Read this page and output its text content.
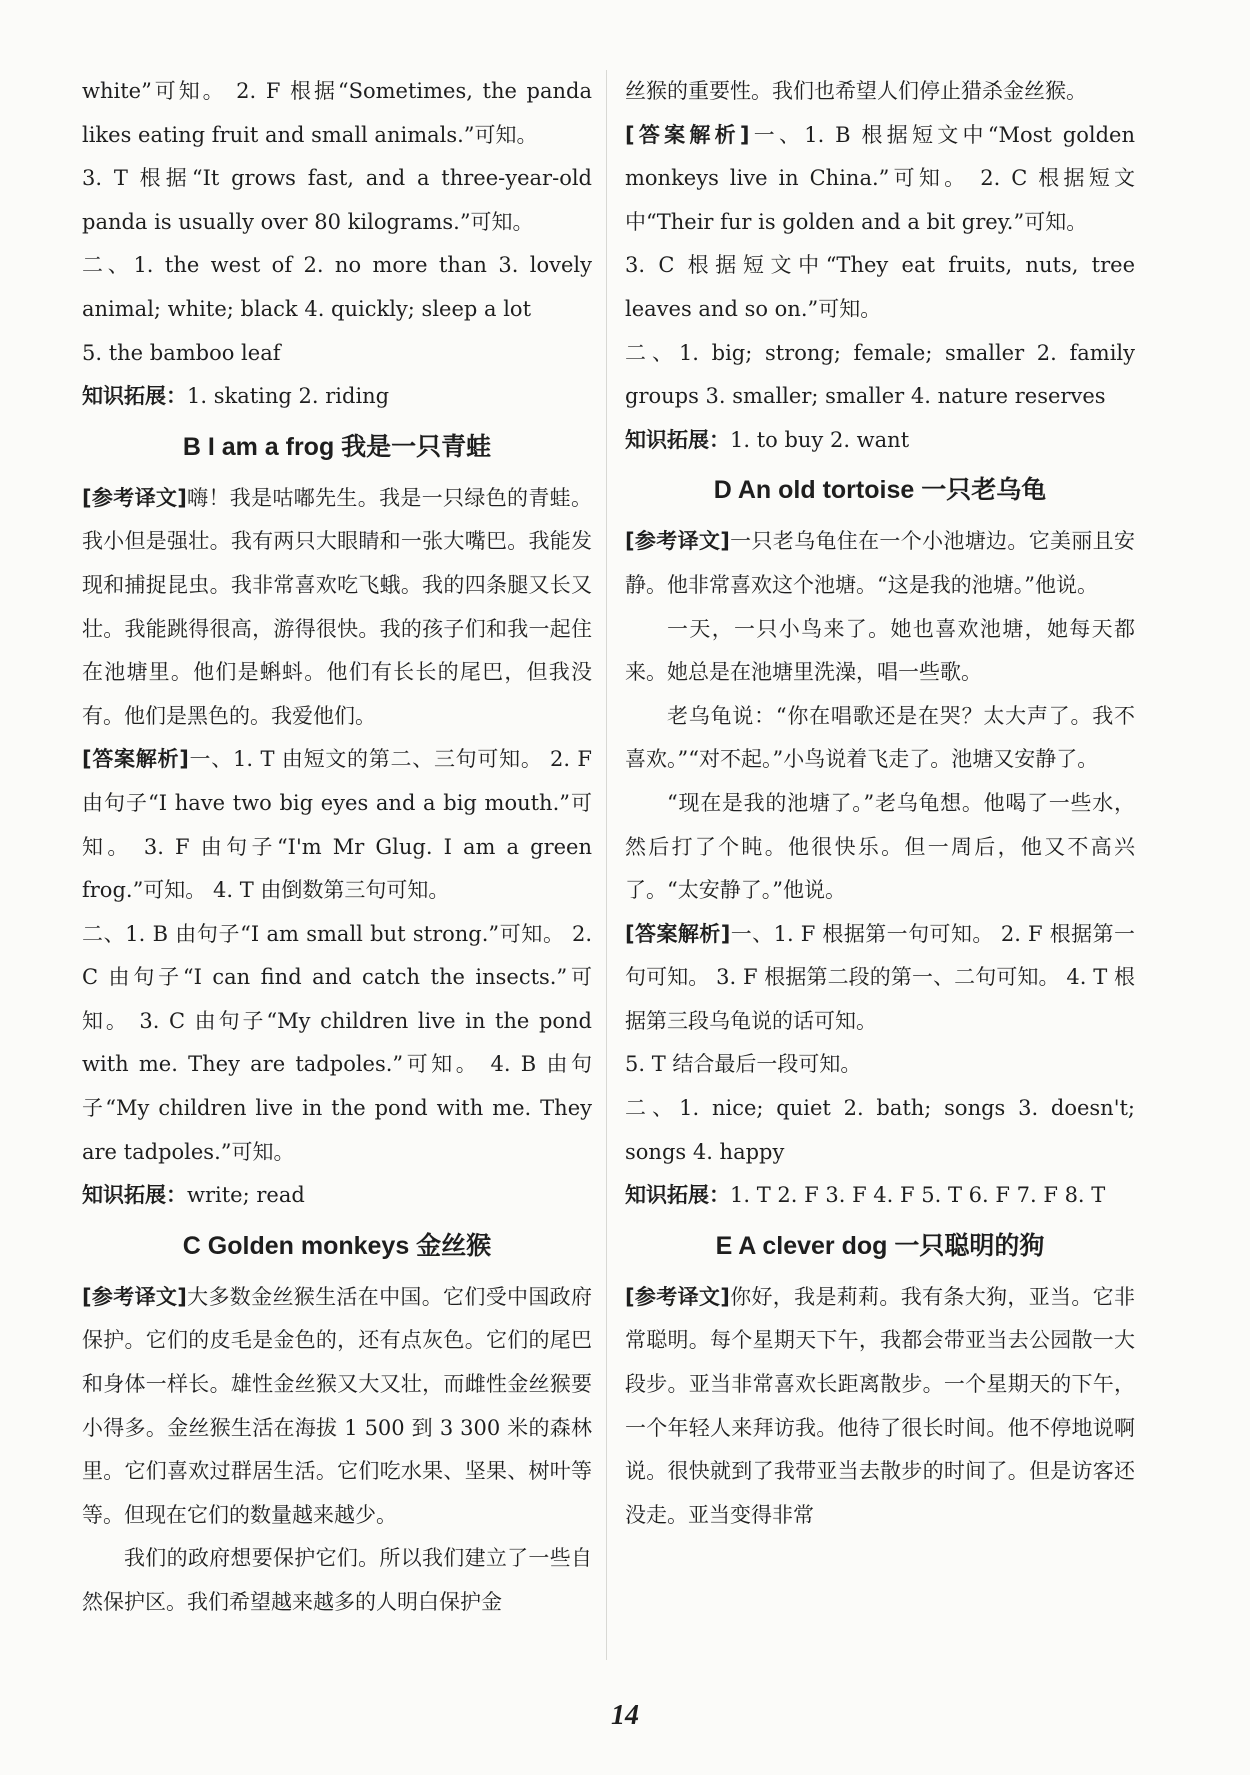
white”可知。 2. F 根据“Sometimes, the panda likes eating fruit and small animals.”可知。

3. T 根据“It grows fast, and a three-year-old panda is usually over 80 kilograms.”可知。

二、1. the west of 2. no more than 3. lovely animal; white; black 4. quickly; sleep a lot

5. the bamboo leaf

知识拓展：1. skating 2. riding

B I am a frog 我是一只青蛙

[参考译文]嗨！我是咕嘟先生。我是一只绿色的青蛙。我小但是强壮。我有两只大眼睛和一张大嘴巴。我能发现和捕捉昆虫。我非常喜欢吃飞蛾。我的四条腿又长又壮。我能跳得很高，游得很快。我的孩子们和我一起住在池塘里。他们是蝌蚪。他们有长长的尾巴，但我没有。他们是黑色的。我爱他们。

[答案解析]一、1. T 由短文的第二、三句可知。 2. F 由句子“I have two big eyes and a big mouth.”可知。 3. F 由句子“I'm Mr Glug. I am a green frog.”可知。 4. T 由倒数第三句可知。

二、1. B 由句子“I am small but strong.”可知。 2. C 由句子“I can find and catch the insects.”可知。 3. C 由句子“My children live in the pond with me. They are tadpoles.”可知。 4. B 由句子“My children live in the pond with me. They are tadpoles.”可知。

知识拓展：write; read

C Golden monkeys 金丝猴

[参考译文]大多数金丝猴生活在中国。它们受中国政府保护。它们的皮毛是金色的，还有点灰色。它们的尾巴和身体一样长。雄性金丝猴又大又壮，而雌性金丝猴要小得多。金丝猴生活在海拔 1 500 到 3 300 米的森林里。它们喜欢过群居生活。它们吃水果、坚果、树叶等等。但现在它们的数量越来越少。

我们的政府想要保护它们。所以我们建立了一些自然保护区。我们希望越来越多的人明白保护金

丝猴的重要性。我们也希望人们停止猎杀金丝猴。

[答案解析]一、1. B 根据短文中“Most golden monkeys live in China.”可知。 2. C 根据短文中“Their fur is golden and a bit grey.”可知。

3. C 根据短文中“They eat fruits, nuts, tree leaves and so on.”可知。

二、1. big; strong; female; smaller 2. family groups 3. smaller; smaller 4. nature reserves

知识拓展：1. to buy 2. want

D An old tortoise 一只老乌龟

[参考译文]一只老乌龟住在一个小池塘边。它美丽且安静。他非常喜欢这个池塘。“这是我的池塘。”他说。

一天，一只小鸟来了。她也喜欢池塘，她每天都来。她总是在池塘里洗澡，唱一些歌。

老乌龟说：“你在唱歌还是在哭？太大声了。我不喜欢。”“对不起。”小鸟说着飞走了。池塘又安静了。

“现在是我的池塘了。”老乌龟想。他喝了一些水，然后打了个盹。他很快乐。但一周后，他又不高兴了。“太安静了。”他说。

[答案解析]一、1. F 根据第一句可知。 2. F 根据第一句可知。 3. F 根据第二段的第一、二句可知。 4. T 根据第三段乌龟说的话可知。

5. T 结合最后一段可知。

二、1. nice; quiet 2. bath; songs 3. doesn't; songs 4. happy

知识拓展：1. T 2. F 3. F 4. F 5. T 6. F 7. F 8. T

E A clever dog 一只聪明的狗

[参考译文]你好，我是莉莉。我有条大狗，亚当。它非常聪明。每个星期天下午，我都会带亚当去公园散一大段步。亚当非常喜欢长距离散步。一个星期天的下午，一个年轻人来拜访我。他待了很长时间。他不停地说啊说。很快就到了我带亚当去散步的时间了。但是访客还没走。亚当变得非常

14
